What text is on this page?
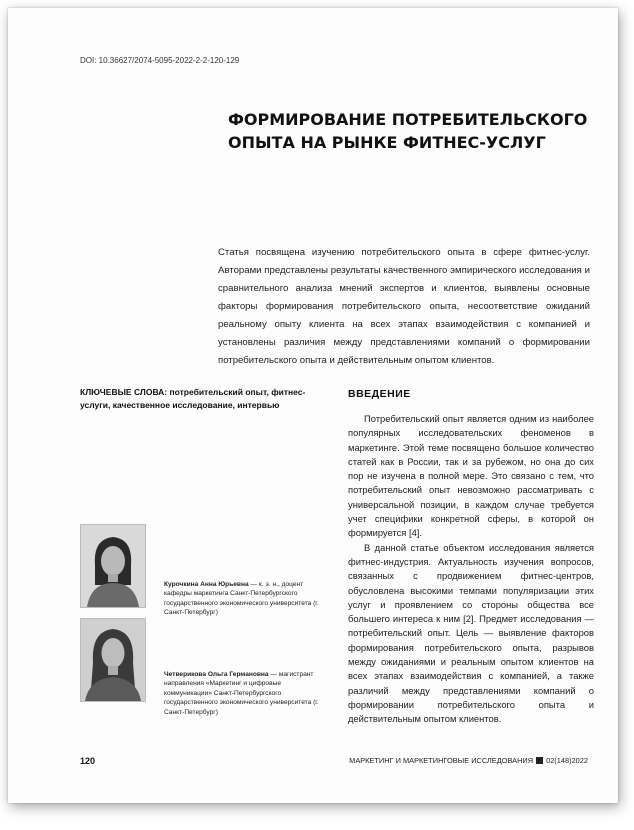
DOI: 10.36627/2074-5095-2022-2-2-120-129
ФОРМИРОВАНИЕ ПОТРЕБИТЕЛЬСКОГО ОПЫТА НА РЫНКЕ ФИТНЕС-УСЛУГ
Статья посвящена изучению потребительского опыта в сфере фитнес-услуг. Авторами представлены результаты качественного эмпирического исследования и сравнительного анализа мнений экспертов и клиентов, выявлены основные факторы формирования потребительского опыта, несоответствие ожиданий реальному опыту клиента на всех этапах взаимодействия с компанией и установлены различия между представлениями компаний о формировании потребительского опыта и действительным опытом клиентов.
КЛЮЧЕВЫЕ СЛОВА: потребительский опыт, фитнес-услуги, качественное исследование, интервью
ВВЕДЕНИЕ

Потребительский опыт является одним из наиболее популярных исследовательских феноменов в маркетинге. Этой теме посвящено большое количество статей как в России, так и за рубежом, но она до сих пор не изучена в полной мере. Это связано с тем, что потребительский опыт невозможно рассматривать с универсальной позиции, в каждом случае требуется учет специфики конкретной сферы, в которой он формируется [4].

В данной статье объектом исследования является фитнес-индустрия. Актуальность изучения вопросов, связанных с продвижением фитнес-центров, обусловлена высокими темпами популяризации этих услуг и проявлением со стороны общества все большего интереса к ним [2]. Предмет исследования — потребительский опыт. Цель — выявление факторов формирования потребительского опыта, разрывов между ожиданиями и реальным опытом клиентов на всех этапах взаимодействия с компанией, а также различий между представлениями компаний о формировании потребительского опыта и действительным опытом клиентов.

Курочкина Анна Юрьевна — к. э. н., доцент кафедры маркетинга Санкт-Петербургского государственного экономического университета (г. Санкт-Петербург)
Четверикова Ольга Германовна — магистрант направления «Маркетинг и цифровые коммуникации» Санкт-Петербургского государственного экономического университета (г. Санкт-Петербург)
120	МАРКЕТИНГ И МАРКЕТИНГОВЫЕ ИССЛЕДОВАНИЯ 02(148)2022
